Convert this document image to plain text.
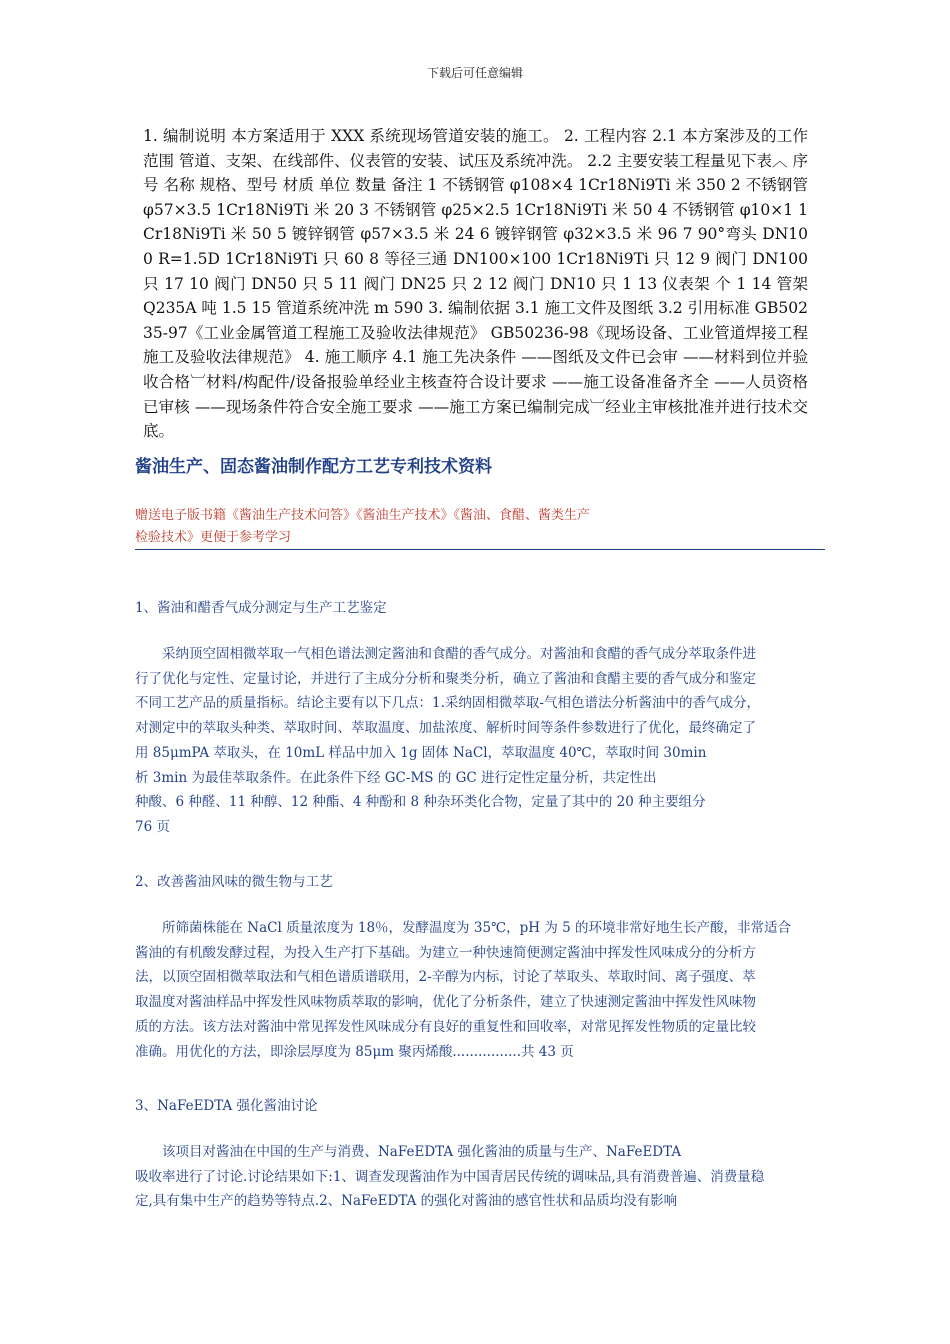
下载后可任意编辑
1. 编制说明 本方案适用于 XXX 系统现场管道安装的施工。 2. 工程内容 2.1 本方案涉及的工作范围 管道、支架、在线部件、仪表管的安装、试压及系统冲洗。 2.2 主要安装工程量见下表︿ 序号 名称 规格、型号 材质 单位 数量 备注 1 不锈钢管 φ108×4 1Cr18Ni9Ti 米 350 2 不锈钢管 φ57×3.5 1Cr18Ni9Ti 米 20 3 不锈钢管 φ25×2.5 1Cr18Ni9Ti 米 50 4 不锈钢管 φ10×1 1Cr18Ni9Ti 米 50 5 镀锌钢管 φ57×3.5 米 24 6 镀锌钢管 φ32×3.5 米 96 7 90°弯头 DN100 R=1.5D 1Cr18Ni9Ti 只 60 8 等径三通 DN100×100 1Cr18Ni9Ti 只 12 9 阀门 DN100 只 17 10 阀门 DN50 只 5 11 阀门 DN25 只 2 12 阀门 DN10 只 1 13 仪表架 个 1 14 管架 Q235A 吨 1.5 15 管道系统冲洗 m 590 3. 编制依据 3.1 施工文件及图纸 3.2 引用标准 GB50235-97《工业金属管道工程施工及验收法律规范》 GB50236-98《现场设备、工业管道焊接工程施工及验收法律规范》 4. 施工顺序 4.1 施工先决条件 ——图纸及文件已会审 ——材料到位并验收合格︺材料/构配件/设备报验单经业主核查符合设计要求 ——施工设备准备齐全 ——人员资格已审核 ——现场条件符合安全施工要求 ——施工方案已编制完成︺经业主审核批准并进行技术交底。
酱油生产、固态酱油制作配方工艺专利技术资料
赠送电子版书籍《酱油生产技术问答》《酱油生产技术》《酱油、食醋、酱类生产
检验技术》更便于参考学习
1、酱油和醋香气成分测定与生产工艺鉴定
　　采纳顶空固相微萃取一气相色谱法测定酱油和食醋的香气成分。对酱油和食醋的香气成分萃取条件进
行了优化与定性、定量讨论，并进行了主成分分析和聚类分析，确立了酱油和食醋主要的香气成分和鉴定
不同工艺产品的质量指标。结论主要有以下几点：1.采纳固相微萃取-气相色谱法分析酱油中的香气成分，
对测定中的萃取头种类、萃取时间、萃取温度、加盐浓度、解析时间等条件参数进行了优化，最终确定了
用 85μmPA 萃取头，在 10mL 样品中加入 1g 固体 NaCl，萃取温度 40℃，萃取时间 30min
析 3min 为最佳萃取条件。在此条件下经 GC-MS 的 GC 进行定性定量分析，共定性出
种酸、6 种醛、11 种醇、12 种酯、4 种酚和 8 种杂环类化合物，定量了其中的 20 种主要组分
76 页
2、改善酱油风味的微生物与工艺
　　所筛菌株能在 NaCl 质量浓度为 18％，发酵温度为 35℃，pH 为 5 的环境非常好地生长产酸，非常适合
酱油的有机酸发酵过程，为投入生产打下基础。为建立一种快速简便测定酱油中挥发性风味成分的分析方
法，以顶空固相微萃取法和气相色谱质谱联用，2-辛醇为内标，讨论了萃取头、萃取时间、离子强度、萃
取温度对酱油样品中挥发性风味物质萃取的影响，优化了分析条件，建立了快速测定酱油中挥发性风味物
质的方法。该方法对酱油中常见挥发性风味成分有良好的重复性和回收率，对常见挥发性物质的定量比较
准确。用优化的方法，即涂层厚度为 85μm 聚丙烯酸................共 43 页
3、NaFeEDTA 强化酱油讨论
　　该项目对酱油在中国的生产与消费、NaFeEDTA 强化酱油的质量与生产、NaFeEDTA
吸收率进行了讨论.讨论结果如下:1、调查发现酱油作为中国青居民传统的调味品,具有消费普遍、消费量稳
定,具有集中生产的趋势等特点.2、NaFeEDTA 的强化对酱油的感官性状和品质均没有影响
